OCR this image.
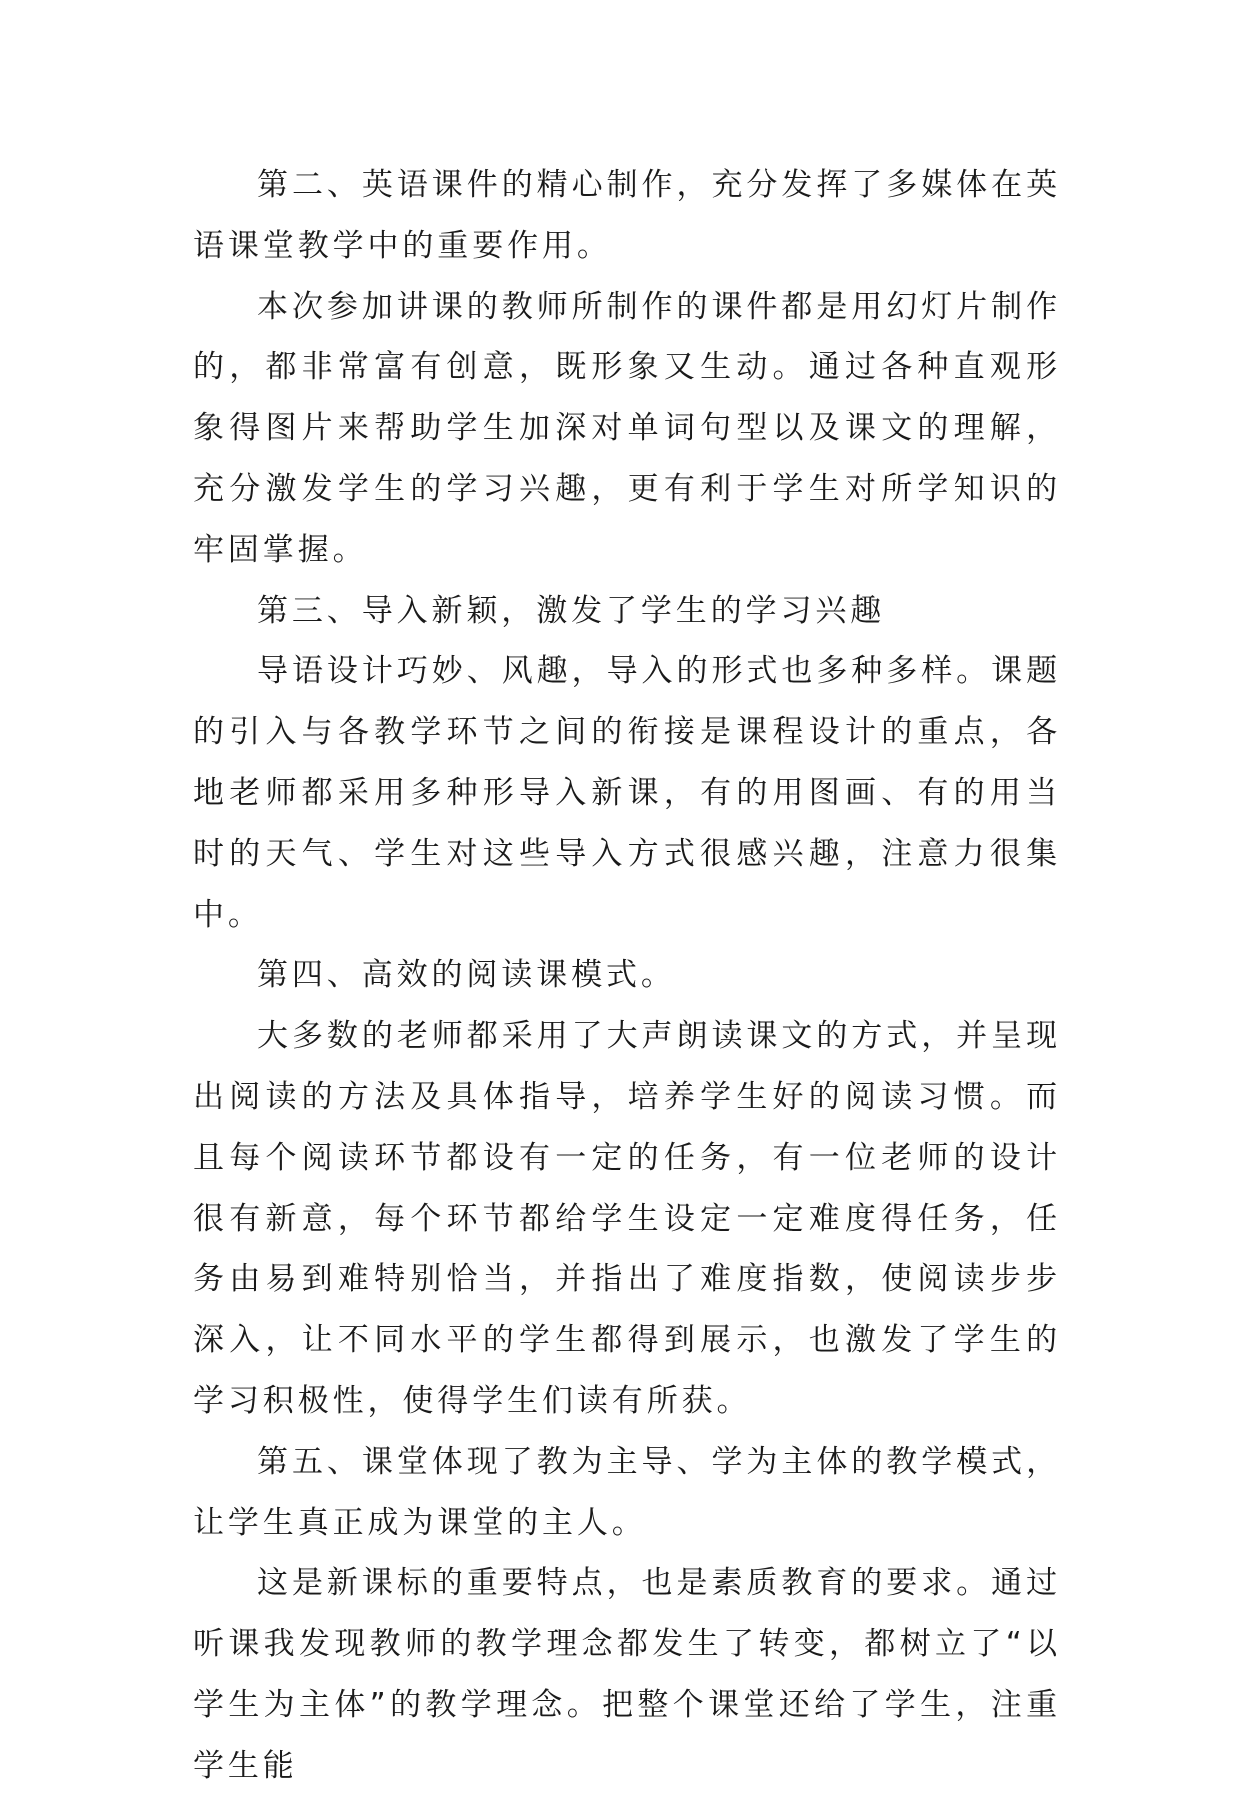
第二、英语课件的精心制作，充分发挥了多媒体在英语课堂教学中的重要作用。

本次参加讲课的教师所制作的课件都是用幻灯片制作的，都非常富有创意，既形象又生动。通过各种直观形象得图片来帮助学生加深对单词句型以及课文的理解，充分激发学生的学习兴趣，更有利于学生对所学知识的牢固掌握。

第三、导入新颖，激发了学生的学习兴趣

导语设计巧妙、风趣，导入的形式也多种多样。课题的引入与各教学环节之间的衔接是课程设计的重点，各地老师都采用多种形导入新课，有的用图画、有的用当时的天气、学生对这些导入方式很感兴趣，注意力很集中。

第四、高效的阅读课模式。

大多数的老师都采用了大声朗读课文的方式，并呈现出阅读的方法及具体指导，培养学生好的阅读习惯。而且每个阅读环节都设有一定的任务，有一位老师的设计很有新意，每个环节都给学生设定一定难度得任务，任务由易到难特别恰当，并指出了难度指数，使阅读步步深入，让不同水平的学生都得到展示，也激发了学生的学习积极性，使得学生们读有所获。

第五、课堂体现了教为主导、学为主体的教学模式，让学生真正成为课堂的主人。

这是新课标的重要特点，也是素质教育的要求。通过听课我发现教师的教学理念都发生了转变，都树立了“以学生为主体”的教学理念。把整个课堂还给了学生，注重学生能
